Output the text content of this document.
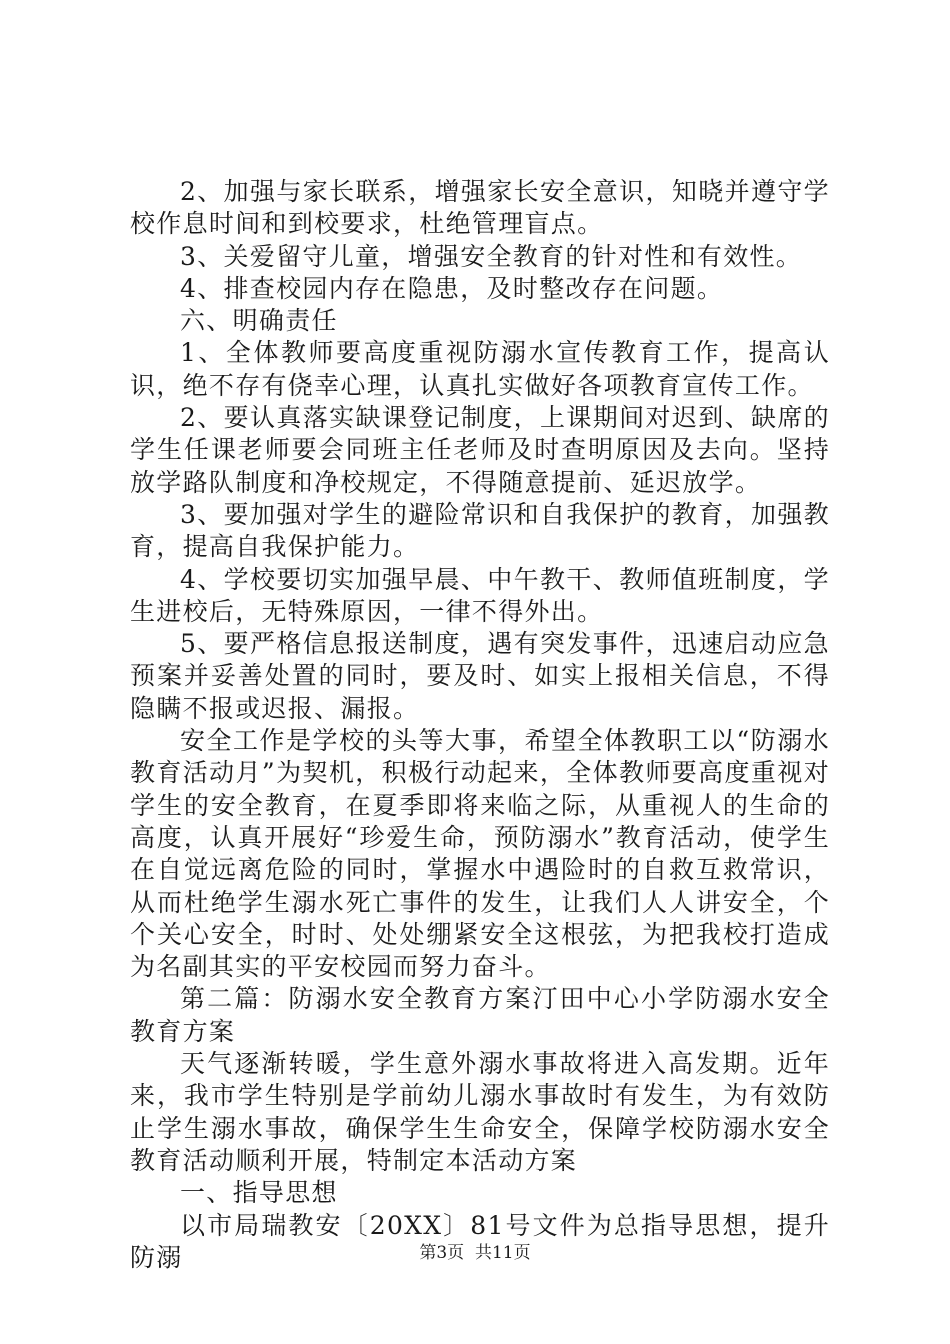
2、加强与家长联系，增强家长安全意识，知晓并遵守学校作息时间和到校要求，杜绝管理盲点。

3、关爱留守儿童，增强安全教育的针对性和有效性。

4、排查校园内存在隐患，及时整改存在问题。

六、明确责任

1、全体教师要高度重视防溺水宣传教育工作，提高认识，绝不存有侥幸心理，认真扎实做好各项教育宣传工作。

2、要认真落实缺课登记制度，上课期间对迟到、缺席的学生任课老师要会同班主任老师及时查明原因及去向。坚持放学路队制度和净校规定，不得随意提前、延迟放学。

3、要加强对学生的避险常识和自我保护的教育，加强教育，提高自我保护能力。

4、学校要切实加强早晨、中午教干、教师值班制度，学生进校后，无特殊原因，一律不得外出。

5、要严格信息报送制度，遇有突发事件，迅速启动应急预案并妥善处置的同时，要及时、如实上报相关信息，不得隐瞒不报或迟报、漏报。

安全工作是学校的头等大事，希望全体教职工以“防溺水教育活动月”为契机，积极行动起来，全体教师要高度重视对学生的安全教育，在夏季即将来临之际，从重视人的生命的高度，认真开展好“珍爱生命，预防溺水”教育活动，使学生在自觉远离危险的同时，掌握水中遇险时的自救互救常识，从而杜绝学生溺水死亡事件的发生，让我们人人讲安全，个个关心安全，时时、处处绷紧安全这根弦，为把我校打造成为名副其实的平安校园而努力奋斗。

第二篇：防溺水安全教育方案汀田中心小学防溺水安全教育方案

天气逐渐转暖，学生意外溺水事故将进入高发期。近年来，我市学生特别是学前幼儿溺水事故时有发生，为有效防止学生溺水事故，确保学生生命安全，保障学校防溺水安全教育活动顺利开展，特制定本活动方案

一、指导思想

以市局瑞教安〔20XX〕81号文件为总指导思想，提升防溺	第3页  共11页
